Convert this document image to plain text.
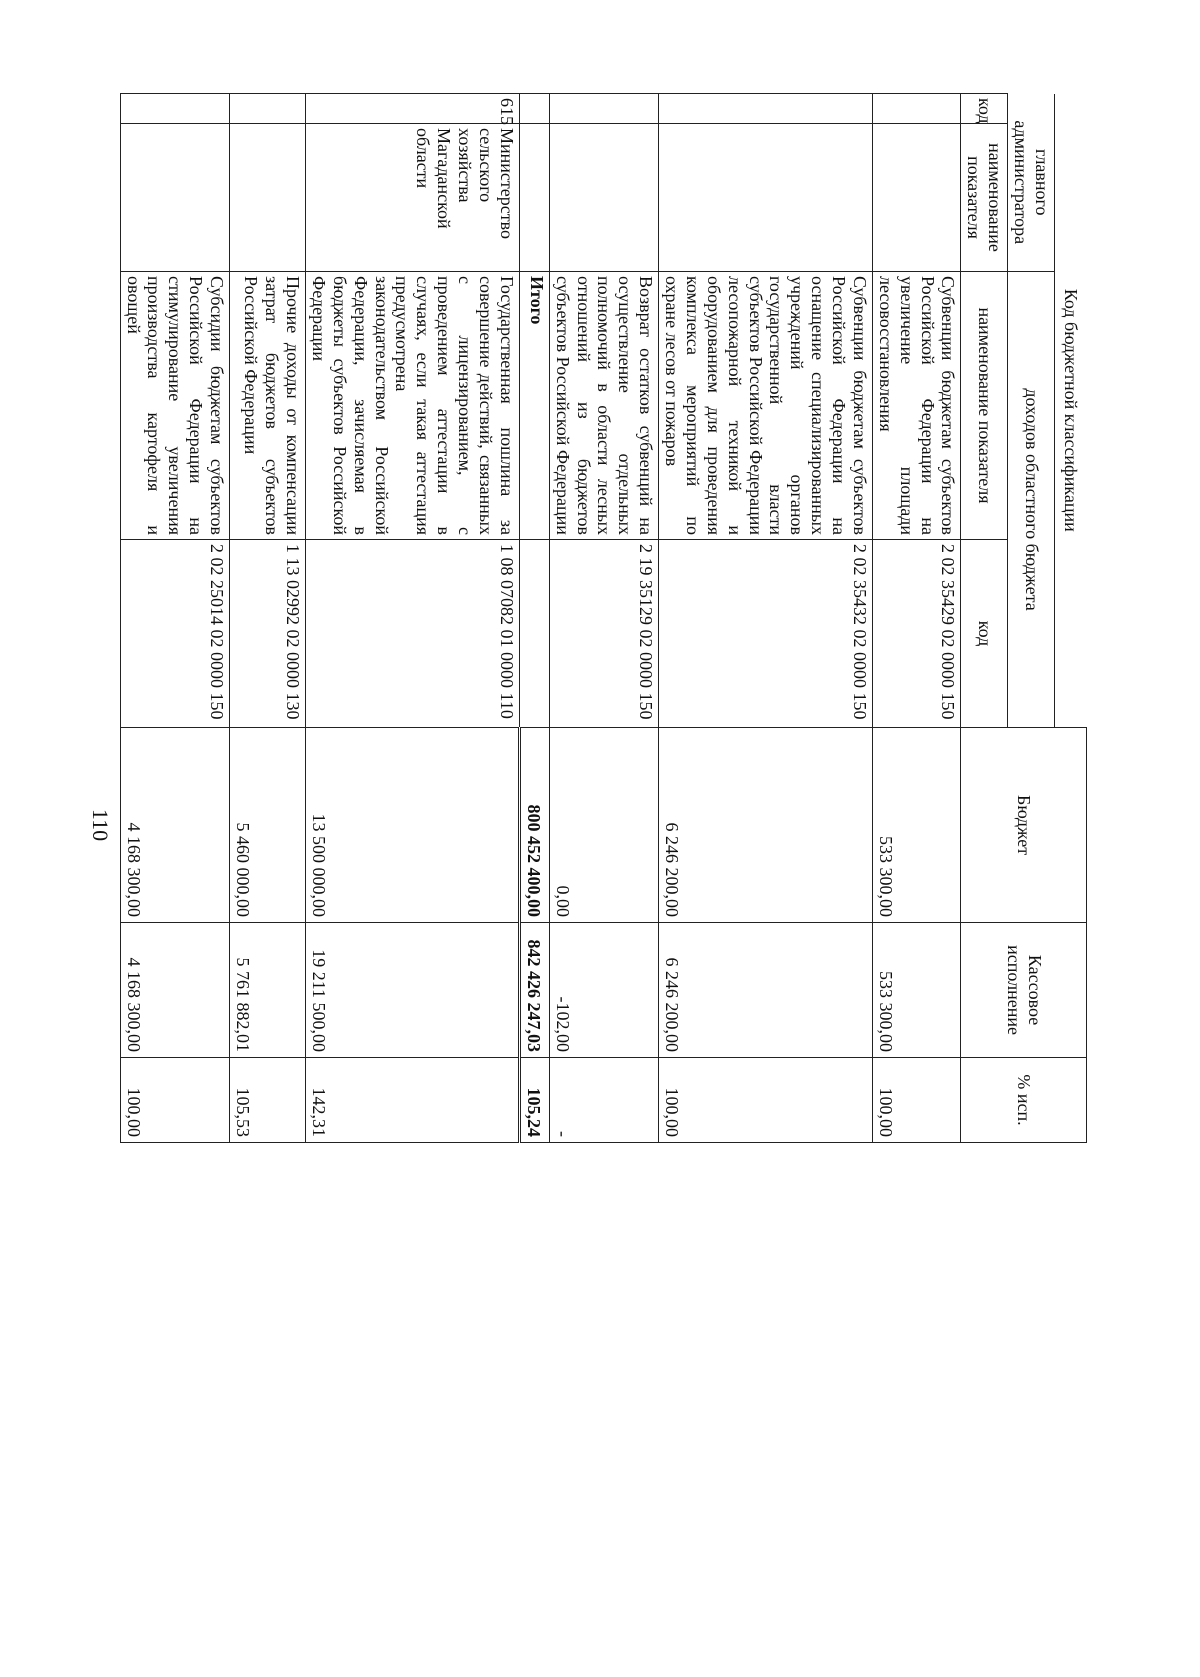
110
Код бюджетной классификации				Бюджет	Кассовое исполнение	% исп.
главного администратора		доходов областного бюджета				
код	наименование показателя	наименование показателя	код			
		Субвенции бюджетам субъектов Российской Федерации на увеличение площади лесовосстановления	2 02 35429 02 0000 150	533 300,00	533 300,00	100,00
		Субвенции бюджетам субъектов Российской Федерации на оснащение специализированных учреждений органов государственной власти субъектов Российской Федерации лесопожарной техникой и оборудованием для проведения комплекса мероприятий по охране лесов от пожаров	2 02 35432 02 0000 150	6 246 200,00	6 246 200,00	100,00
		Возврат остатков субвенций на осуществление отдельных полномочий в области лесных отношений из бюджетов субъектов Российской Федерации	2 19 35129 02 0000 150	0,00	-102,00	-
		Итого		800 452 400,00	842 426 247,03	105,24
615	Министерство сельского хозяйства Магаданской области	Государственная пошлина за совершение действий, связанных с лицензированием, с проведением аттестации в случаях, если такая аттестация предусмотрена законодательством Российской Федерации, зачисляемая в бюджеты субъектов Российской Федерации	1 08 07082 01 0000 110	13 500 000,00	19 211 500,00	142,31
		Прочие доходы от компенсации затрат бюджетов субъектов Российской Федерации	1 13 02992 02 0000 130	5 460 000,00	5 761 882,01	105,53
		Субсидии бюджетам субъектов Российской Федерации на стимулирование увеличения производства картофеля и овощей	2 02 25014 02 0000 150	4 168 300,00	4 168 300,00	100,00
